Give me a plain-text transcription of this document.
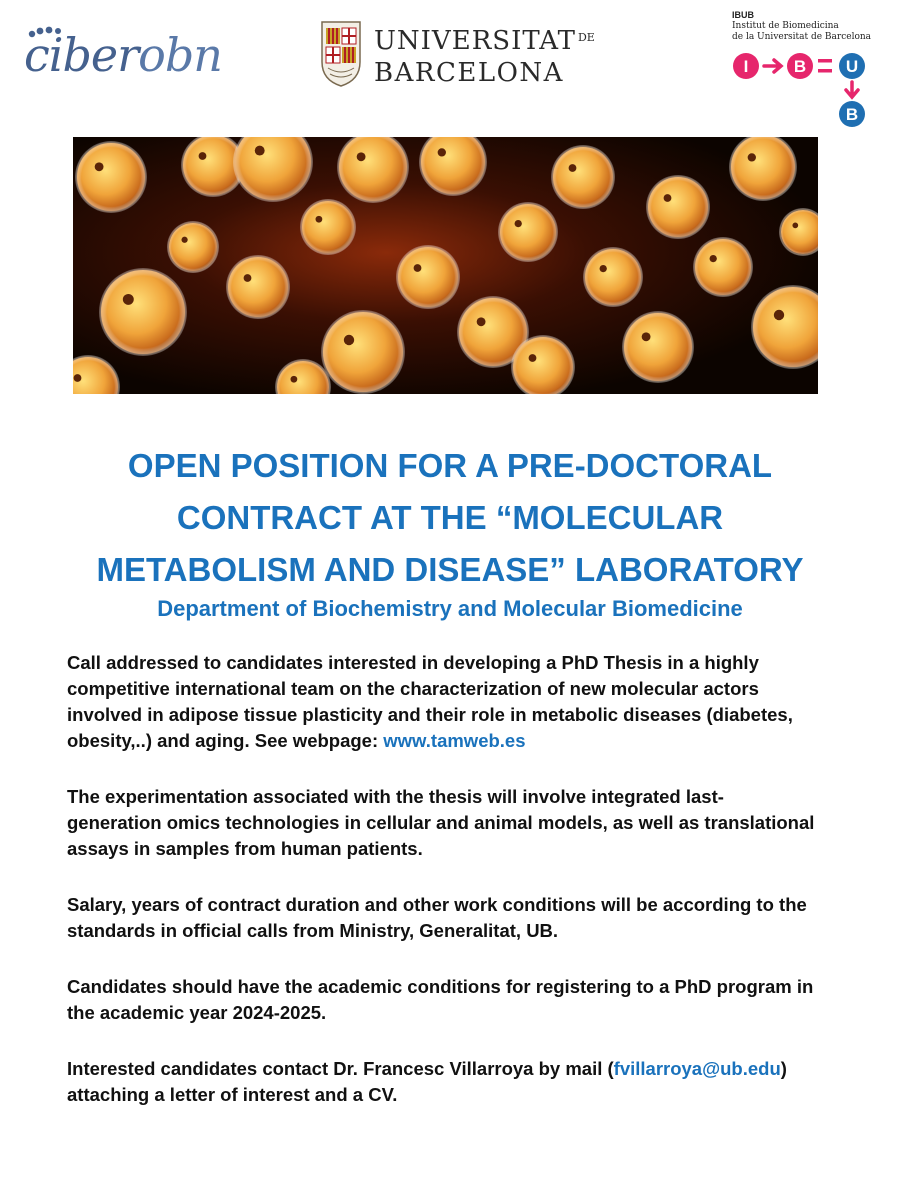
ciberobn	UNIVERSITAT $^{DE}$
BARCELONA
IBUB
Institut de Biomedicina
de la Universitat de Barcelona
I	B U
B
OPEN POSITION FOR A PRE-DOCTORAL
CONTRACT AT THE “MOLECULAR
METABOLISM AND DISEASE” LABORATORY
Department of Biochemistry and Molecular Biomedicine

Call addressed to candidates interested in developing a PhD Thesis in a highly
competitive international team on the characterization of new molecular actors
involved in adipose tissue plasticity and their role in metabolic diseases (diabetes,
obesity,..) and aging. See webpage: www.tamweb.es

The experimentation associated with the thesis will involve integrated last-
generation omics technologies in cellular and animal models, as well as translational
assays in samples from human patients.

Salary, years of contract duration and other work conditions will be according to the
standards in official calls from Ministry, Generalitat, UB.

Candidates should have the academic conditions for registering to a PhD program in
the academic year 2024-2025.

Interested candidates contact Dr. Francesc Villarroya by mail (fvillarroya@ub.edu)
attaching a letter of interest and a CV.
